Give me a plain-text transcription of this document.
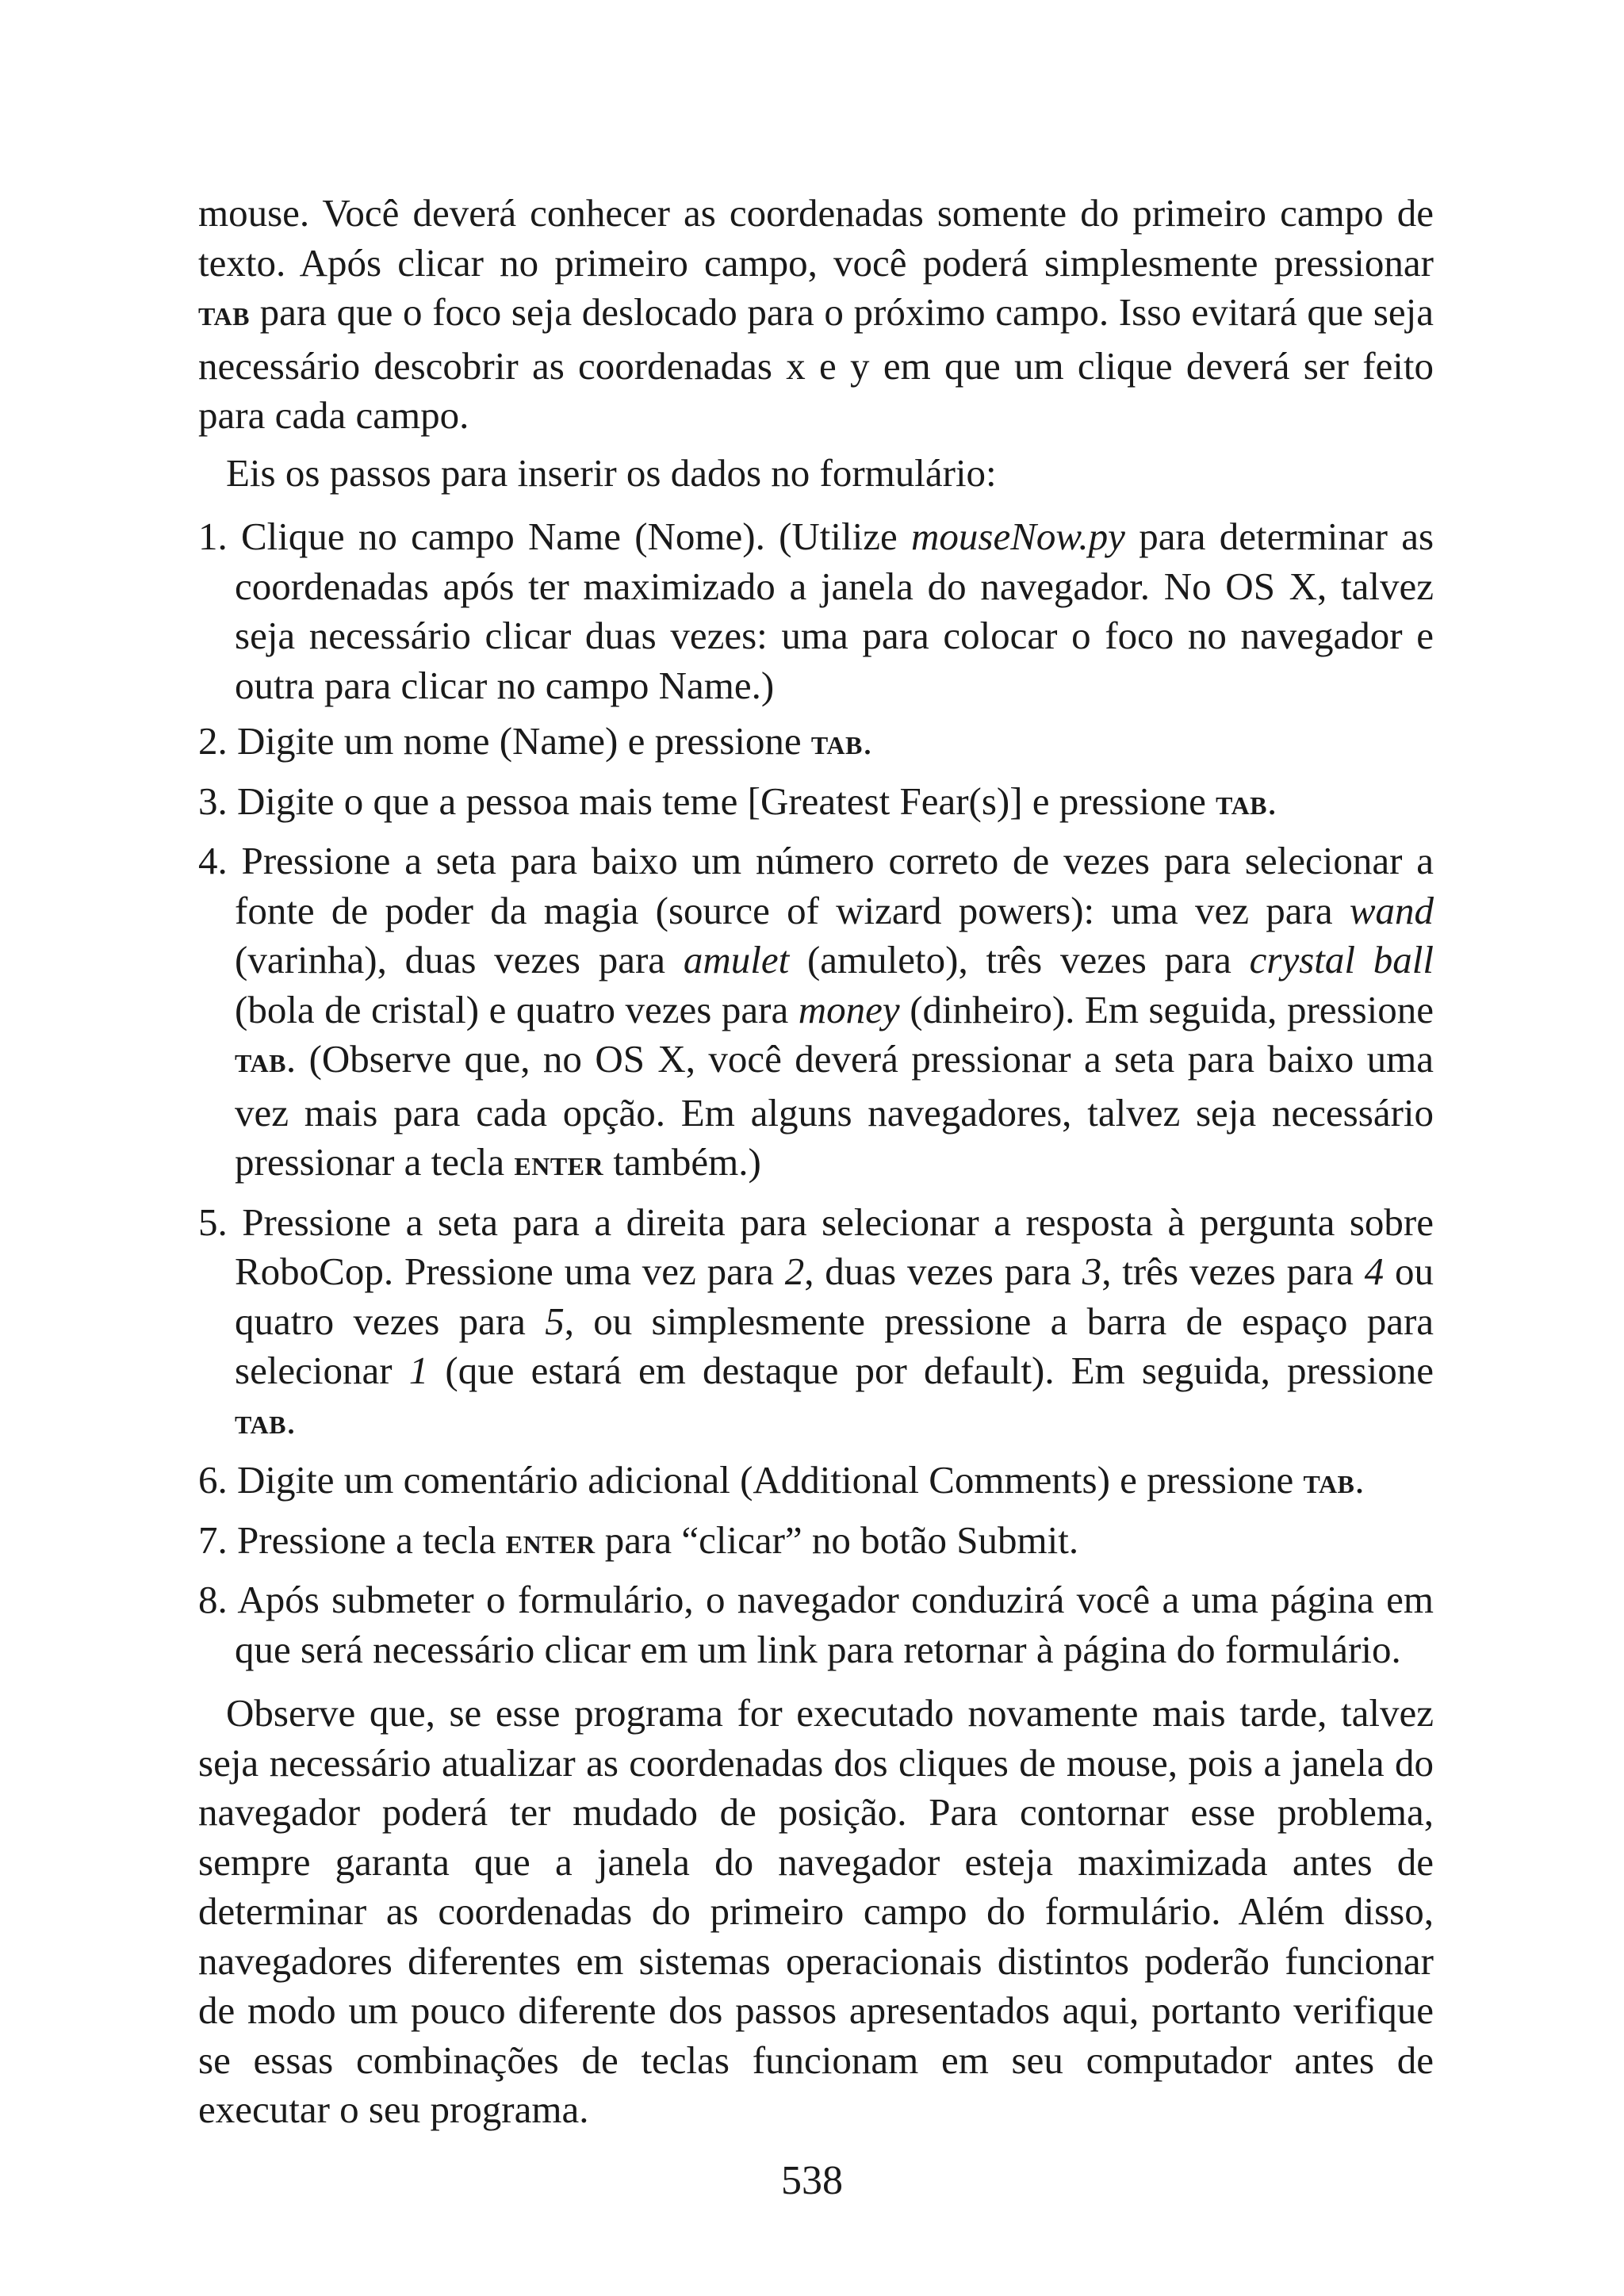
mouse. Você deverá conhecer as coordenadas somente do primeiro campo de texto. Após clicar no primeiro campo, você poderá simplesmente pressionar TAB para que o foco seja deslocado para o próximo campo. Isso evitará que seja necessário descobrir as coordenadas x e y em que um clique deverá ser feito para cada campo.

Eis os passos para inserir os dados no formulário:

1. Clique no campo Name (Nome). (Utilize mouseNow.py para determinar as coordenadas após ter maximizado a janela do navegador. No OS X, talvez seja necessário clicar duas vezes: uma para colocar o foco no navegador e outra para clicar no campo Name.)
2. Digite um nome (Name) e pressione TAB.
3. Digite o que a pessoa mais teme [Greatest Fear(s)] e pressione TAB.
4. Pressione a seta para baixo um número correto de vezes para selecionar a fonte de poder da magia (source of wizard powers): uma vez para wand (varinha), duas vezes para amulet (amuleto), três vezes para crystal ball (bola de cristal) e quatro vezes para money (dinheiro). Em seguida, pressione TAB. (Observe que, no OS X, você deverá pressionar a seta para baixo uma vez mais para cada opção. Em alguns navegadores, talvez seja necessário pressionar a tecla ENTER também.)
5. Pressione a seta para a direita para selecionar a resposta à pergunta sobre RoboCop. Pressione uma vez para 2, duas vezes para 3, três vezes para 4 ou quatro vezes para 5, ou simplesmente pressione a barra de espaço para selecionar 1 (que estará em destaque por default). Em seguida, pressione TAB.
6. Digite um comentário adicional (Additional Comments) e pressione TAB.
7. Pressione a tecla ENTER para “clicar” no botão Submit.
8. Após submeter o formulário, o navegador conduzirá você a uma página em que será necessário clicar em um link para retornar à página do formulário.

Observe que, se esse programa for executado novamente mais tarde, talvez seja necessário atualizar as coordenadas dos cliques de mouse, pois a janela do navegador poderá ter mudado de posição. Para contornar esse problema, sempre garanta que a janela do navegador esteja maximizada antes de determinar as coordenadas do primeiro campo do formulário. Além disso, navegadores diferentes em sistemas operacionais distintos poderão funcionar de modo um pouco diferente dos passos apresentados aqui, portanto verifique se essas combinações de teclas funcionam em seu computador antes de executar o seu programa.

538
